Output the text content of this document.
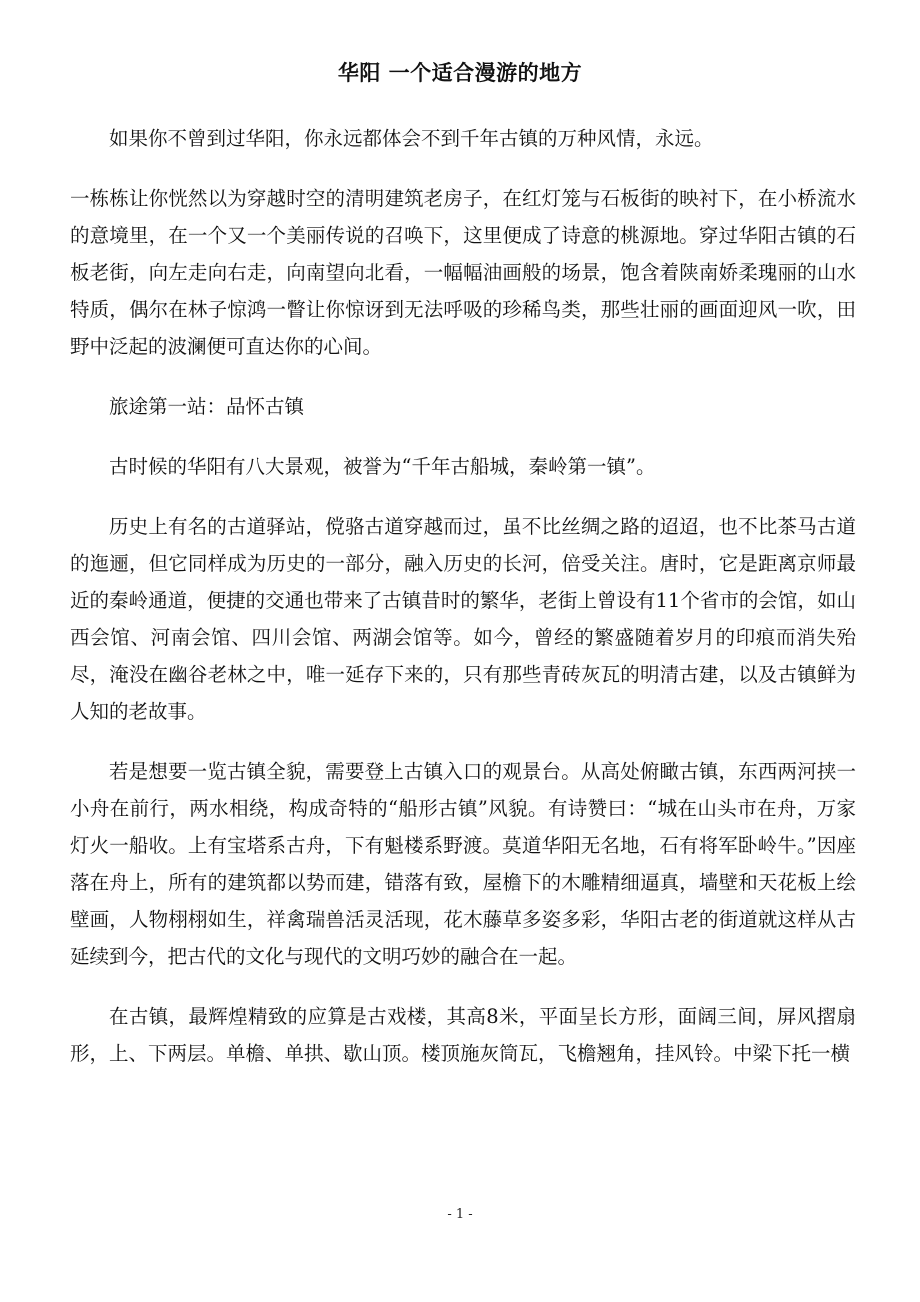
华阳 一个适合漫游的地方

如果你不曾到过华阳，你永远都体会不到千年古镇的万种风情，永远。

一栋栋让你恍然以为穿越时空的清明建筑老房子，在红灯笼与石板街的映衬下，在小桥流水的意境里，在一个又一个美丽传说的召唤下，这里便成了诗意的桃源地。穿过华阳古镇的石板老街，向左走向右走，向南望向北看，一幅幅油画般的场景，饱含着陕南娇柔瑰丽的山水特质，偶尔在林子惊鸿一瞥让你惊讶到无法呼吸的珍稀鸟类，那些壮丽的画面迎风一吹，田野中泛起的波澜便可直达你的心间。

旅途第一站：品怀古镇

古时候的华阳有八大景观，被誉为“千年古船城，秦岭第一镇”。

历史上有名的古道驿站，傥骆古道穿越而过，虽不比丝绸之路的迢迢，也不比茶马古道的迤逦，但它同样成为历史的一部分，融入历史的长河，倍受关注。唐时，它是距离京师最近的秦岭通道，便捷的交通也带来了古镇昔时的繁华，老街上曾设有11个省市的会馆，如山西会馆、河南会馆、四川会馆、两湖会馆等。如今，曾经的繁盛随着岁月的印痕而消失殆尽，淹没在幽谷老林之中，唯一延存下来的，只有那些青砖灰瓦的明清古建，以及古镇鲜为人知的老故事。

若是想要一览古镇全貌，需要登上古镇入口的观景台。从高处俯瞰古镇，东西两河挟一小舟在前行，两水相绕，构成奇特的“船形古镇”风貌。有诗赞曰：“城在山头市在舟，万家灯火一船收。上有宝塔系古舟，下有魁楼系野渡。莫道华阳无名地，石有将军卧岭牛。”因座落在舟上，所有的建筑都以势而建，错落有致，屋檐下的木雕精细逼真，墙壁和天花板上绘壁画，人物栩栩如生，祥禽瑞兽活灵活现，花木藤草多姿多彩，华阳古老的街道就这样从古延续到今，把古代的文化与现代的文明巧妙的融合在一起。

在古镇，最辉煌精致的应算是古戏楼，其高8米，平面呈长方形，面阔三间，屏风摺扇形，上、下两层。单檐、单拱、歇山顶。楼顶施灰筒瓦，飞檐翘角，挂风铃。中梁下托一横

- 1 -
